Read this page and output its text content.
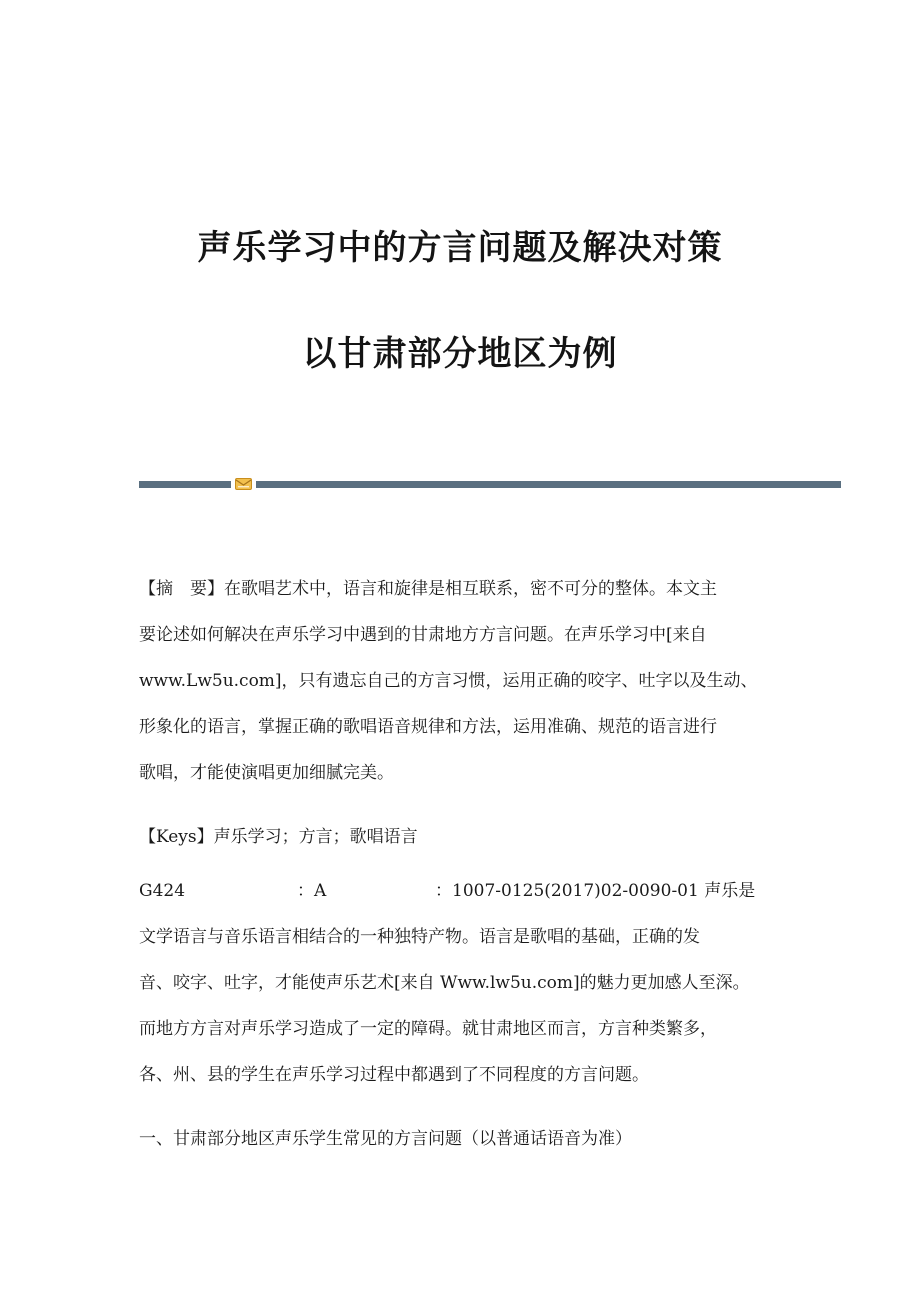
声乐学习中的方言问题及解决对策
以甘肃部分地区为例
【摘　要】在歌唱艺术中，语言和旋律是相互联系，密不可分的整体。本文主
要论述如何解决在声乐学习中遇到的甘肃地方方言问题。在声乐学习中[来自
www.Lw5u.com]，只有遗忘自己的方言习惯，运用正确的咬字、吐字以及生动、
形象化的语言，掌握正确的歌唱语音规律和方法，运用准确、规范的语言进行
歌唱，才能使演唱更加细腻完美。
【Keys】声乐学习；方言；歌唱语言
G424	：A	：1007-0125(2017)02-0090-01 声乐是
文学语言与音乐语言相结合的一种独特产物。语言是歌唱的基础，正确的发
音、咬字、吐字，才能使声乐艺术[来自 Www.lw5u.com]的魅力更加感人至深。
而地方方言对声乐学习造成了一定的障碍。就甘肃地区而言，方言种类繁多，
各、州、县的学生在声乐学习过程中都遇到了不同程度的方言问题。
一、甘肃部分地区声乐学生常见的方言问题（以普通话语音为准）
